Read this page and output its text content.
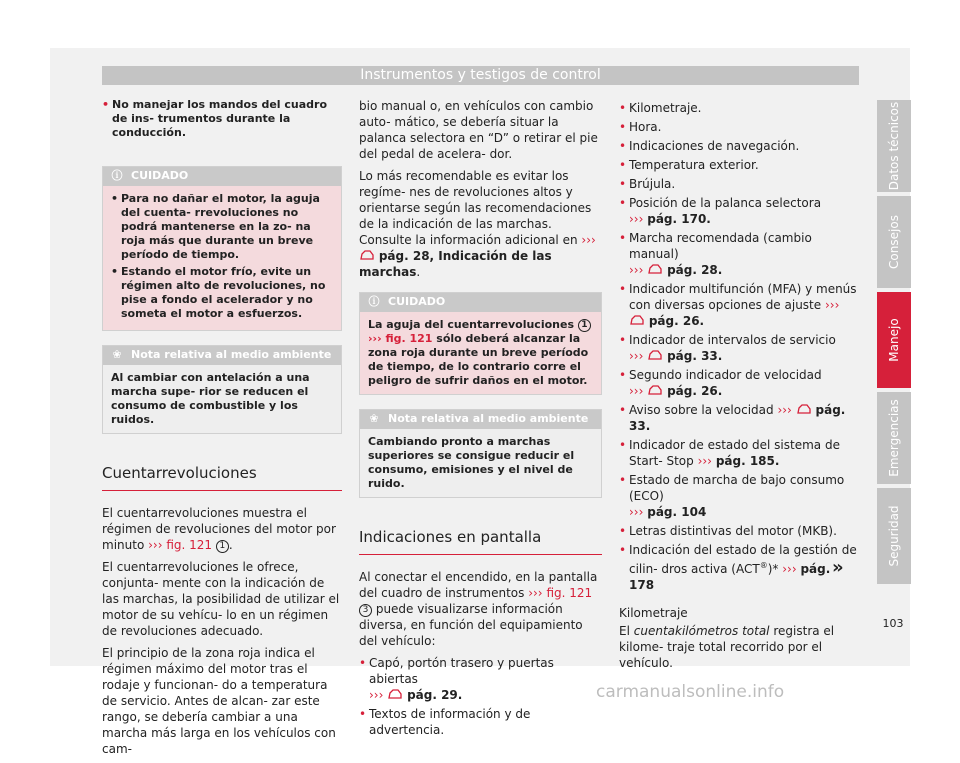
Instrumentos y testigos de control
• No manejar los mandos del cuadro de ins- trumentos durante la conducción.
ⓘ CUIDADO
• Para no dañar el motor, la aguja del cuenta- rrevoluciones no podrá mantenerse en la zo- na roja más que durante un breve período de tiempo.
• Estando el motor frío, evite un régimen alto de revoluciones, no pise a fondo el acelerador y no someta el motor a esfuerzos.
❀ Nota relativa al medio ambiente
Al cambiar con antelación a una marcha supe- rior se reducen el consumo de combustible y los ruidos.
Cuentarrevoluciones

El cuentarrevoluciones muestra el régimen de revoluciones del motor por minuto ››› fig. 121 1 .

El cuentarrevoluciones le ofrece, conjunta- mente con la indicación de las marchas, la posibilidad de utilizar el motor de su vehícu- lo en un régimen de revoluciones adecuado.

El principio de la zona roja indica el régimen máximo del motor tras el rodaje y funcionan- do a temperatura de servicio. Antes de alcan- zar este rango, se debería cambiar a una marcha más larga en los vehículos con cam-

bio manual o, en vehículos con cambio auto- mático, se debería situar la palanca selectora en “D” o retirar el pie del pedal de acelera- dor.

Lo más recomendable es evitar los regíme- nes de revoluciones altos y orientarse según las recomendaciones de la indicación de las marchas. Consulte la información adicional en ›››  pág. 28, Indicación de las marchas.

ⓘ CUIDADO
La aguja del cuentarrevoluciones 1 ››› fig. 121 sólo deberá alcanzar la zona roja durante un breve período de tiempo, de lo contrario corre el peligro de sufrir daños en el motor.
❀ Nota relativa al medio ambiente
Cambiando pronto a marchas superiores se consigue reducir el consumo, emisiones y el nivel de ruido.
Indicaciones en pantalla

Al conectar el encendido, en la pantalla del cuadro de instrumentos ››› fig. 121 3 puede visualizarse información diversa, en función del equipamiento del vehículo:

• Capó, portón trasero y puertas abiertas
››› pág. 29.
• Textos de información y de advertencia.
• Kilometraje.
• Hora.
• Indicaciones de navegación.
• Temperatura exterior.
• Brújula.
• Posición de la palanca selectora
››› pág. 170.
• Marcha recomendada (cambio manual)
››› pág. 28.
• Indicador multifunción (MFA) y menús con diversas opciones de ajuste ›››  pág. 26.
• Indicador de intervalos de servicio
››› pág. 33.
• Segundo indicador de velocidad
››› pág. 26.
• Aviso sobre la velocidad ››› pág. 33.
• Indicador de estado del sistema de Start- Stop ››› pág. 185.
• Estado de marcha de bajo consumo (ECO)
››› pág. 104
• Letras distintivas del motor (MKB).
• Indicación del estado de la gestión de cilin- dros activa (ACT®)* ››› pág. 178
Kilometraje

El cuentakilómetros total registra el kilome- traje total recorrido por el vehículo.

»
Datos técnicos
Consejos
Manejo
Emergencias
Seguridad
103
carmanualsonline.info
